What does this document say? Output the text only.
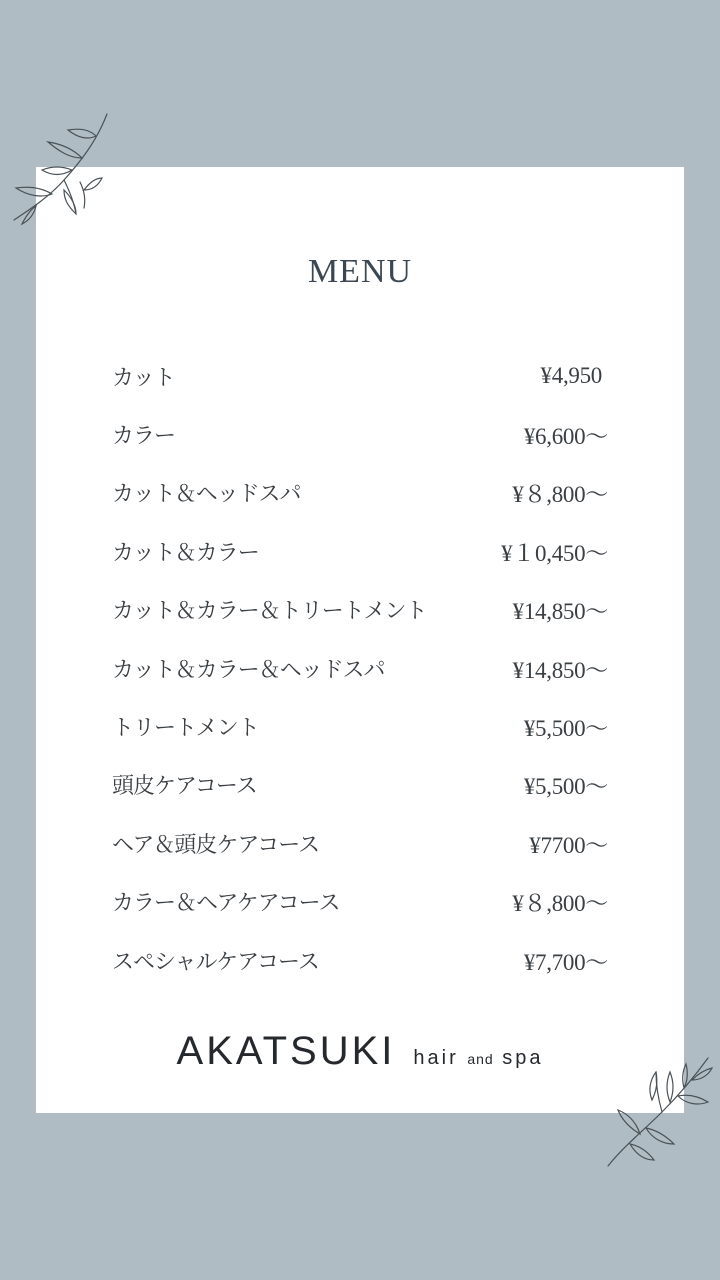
MENU
カット	¥4,950
カラー	¥6,600〜
カット＆ヘッドスパ	¥８,800〜
カット＆カラー	¥１0,450〜
カット＆カラー＆トリートメント	¥14,850〜
カット＆カラー＆ヘッドスパ	¥14,850〜
トリートメント	¥5,500〜
頭皮ケアコース	¥5,500〜
ヘア＆頭皮ケアコース	¥7700〜
カラー＆ヘアケアコース	¥８,800〜
スペシャルケアコース	¥7,700〜
AKATSUKI hair and spa
